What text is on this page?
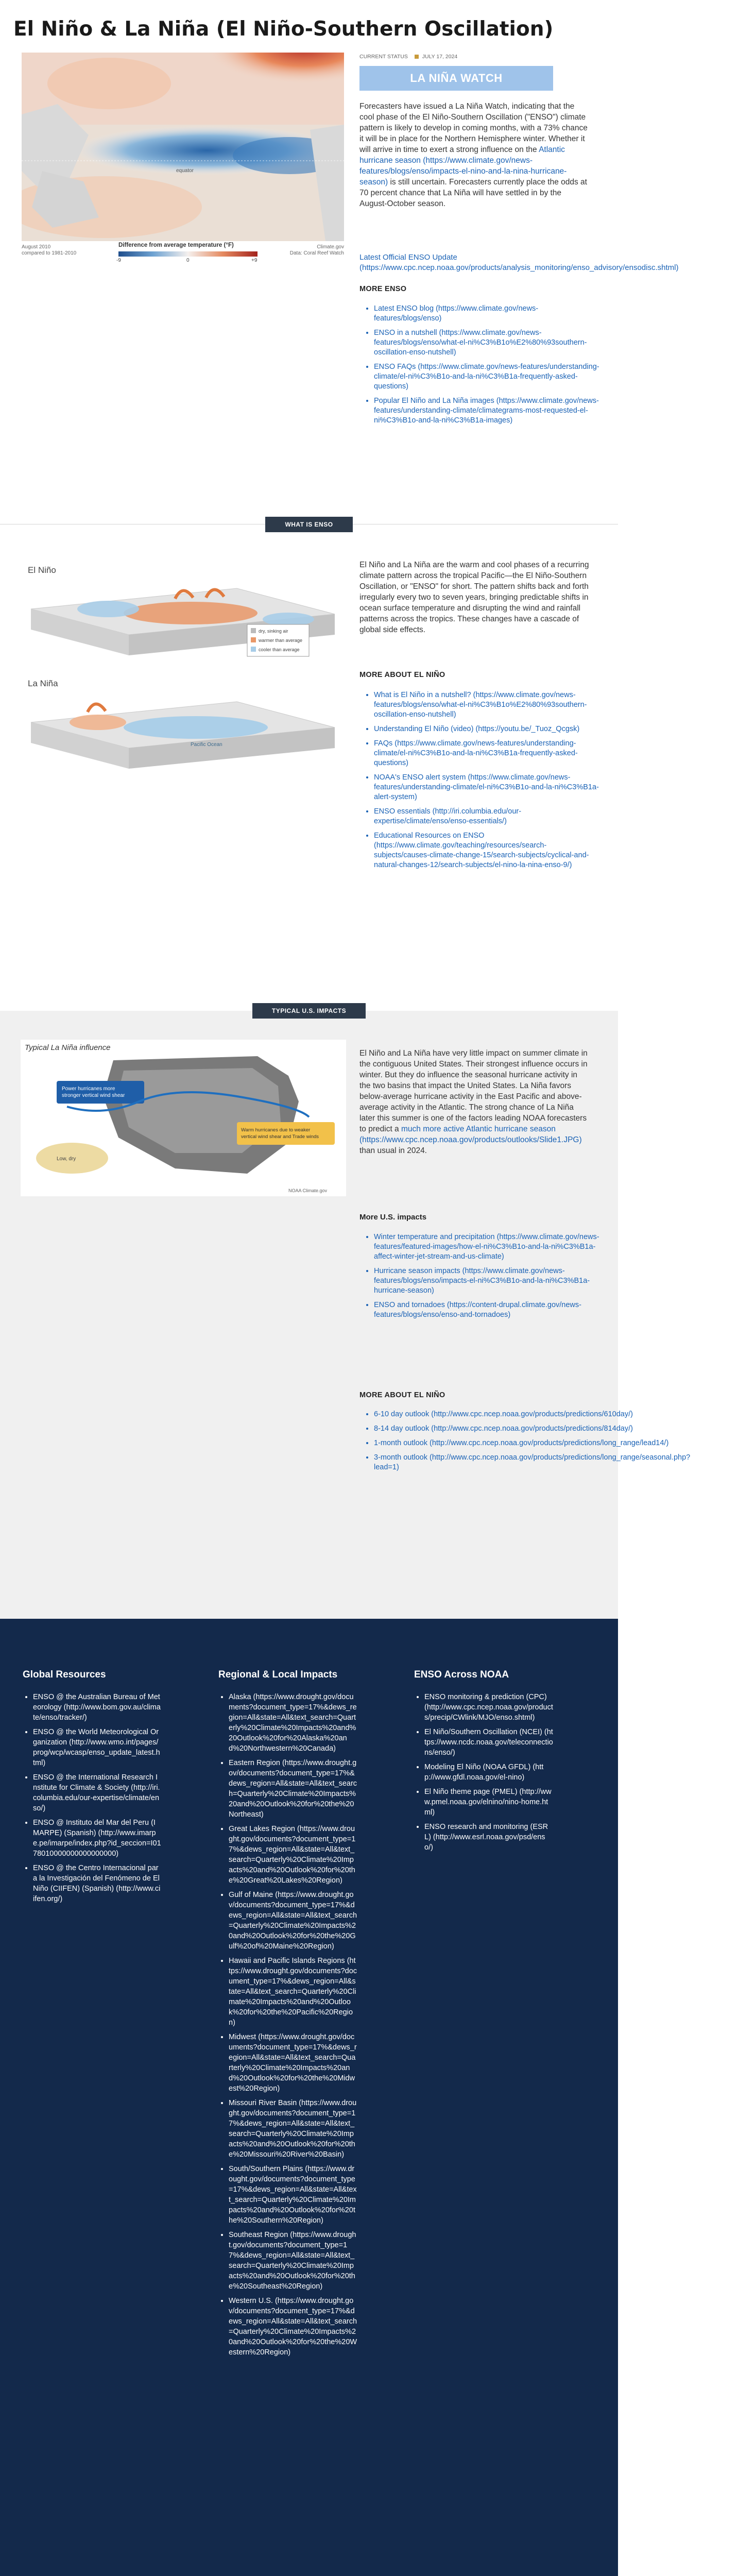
El Niño & La Niña (El Niño-Southern Oscillation)
equator
August 2010
compared to 1981-2010
Climate.gov
Data: Coral Reef Watch
Difference from average temperature (°F)
-9	0	+9
CURRENT STATUS	JULY 17, 2024
LA NIÑA WATCH
Forecasters have issued a La Niña Watch, indicating that the cool phase of the El Niño-Southern Oscillation ("ENSO") climate pattern is likely to develop in coming months, with a 73% chance it will be in place for the Northern Hemisphere winter. Whether it will arrive in time to exert a strong influence on the Atlantic hurricane season (https://www.climate.gov/news-features/blogs/enso/impacts-el-nino-and-la-nina-hurricane-season) is still uncertain. Forecasters currently place the odds at 70 percent chance that La Niña will have settled in by the August-October season.
Latest Official ENSO Update (https://www.cpc.ncep.noaa.gov/products/analysis_monitoring/enso_advisory/ensodisc.shtml)
MORE ENSO
• Latest ENSO blog (https://www.climate.gov/news-features/blogs/enso)
• ENSO in a nutshell (https://www.climate.gov/news-features/blogs/enso/what-el-ni%C3%B1o%E2%80%93southern-oscillation-enso-nutshell)
• ENSO FAQs (https://www.climate.gov/news-features/understanding-climate/el-ni%C3%B1o-and-la-ni%C3%B1a-frequently-asked-questions)
• Popular El Niño and La Niña images (https://www.climate.gov/news-features/understanding-climate/climategrams-most-requested-el-ni%C3%B1o-and-la-ni%C3%B1a-images)
WHAT IS ENSO
El Niño
dry, sinking air
warmer than average
cooler than average
La Niña
Pacific Ocean
El Niño and La Niña are the warm and cool phases of a recurring climate pattern across the tropical Pacific—the El Niño-Southern Oscillation, or "ENSO" for short. The pattern shifts back and forth irregularly every two to seven years, bringing predictable shifts in ocean surface temperature and disrupting the wind and rainfall patterns across the tropics. These changes have a cascade of global side effects.
MORE ABOUT EL NIÑO
• What is El Niño in a nutshell? (https://www.climate.gov/news-features/blogs/enso/what-el-ni%C3%B1o%E2%80%93southern-oscillation-enso-nutshell)
• Understanding El Niño (video) (https://youtu.be/_Tuoz_Qcgsk)
• FAQs (https://www.climate.gov/news-features/understanding-climate/el-ni%C3%B1o-and-la-ni%C3%B1a-frequently-asked-questions)
• NOAA's ENSO alert system (https://www.climate.gov/news-features/understanding-climate/el-ni%C3%B1o-and-la-ni%C3%B1a-alert-system)
• ENSO essentials (http://iri.columbia.edu/our-expertise/climate/enso/enso-essentials/)
• Educational Resources on ENSO (https://www.climate.gov/teaching/resources/search-subjects/causes-climate-change-15/search-subjects/cyclical-and-natural-changes-12/search-subjects/el-nino-la-nina-enso-9/)
TYPICAL U.S. IMPACTS
Typical La Niña influence
Power hurricanes more stronger vertical wind shear
Warm hurricanes due to weaker vertical wind shear and Trade winds
Low, dry
NOAA Climate.gov
El Niño and La Niña have very little impact on summer climate in the contiguous United States. Their strongest influence occurs in winter. But they do influence the seasonal hurricane activity in the two basins that impact the United States. La Niña favors below-average hurricane activity in the East Pacific and above-average activity in the Atlantic. The strong chance of La Niña later this summer is one of the factors leading NOAA forecasters to predict a much more active Atlantic hurricane season (https://www.cpc.ncep.noaa.gov/products/outlooks/Slide1.JPG) than usual in 2024.
More U.S. impacts
• Winter temperature and precipitation (https://www.climate.gov/news-features/featured-images/how-el-ni%C3%B1o-and-la-ni%C3%B1a-affect-winter-jet-stream-and-us-climate)
• Hurricane season impacts (https://www.climate.gov/news-features/blogs/enso/impacts-el-ni%C3%B1o-and-la-ni%C3%B1a-hurricane-season)
• ENSO and tornadoes (https://content-drupal.climate.gov/news-features/blogs/enso/enso-and-tornadoes)
MORE ABOUT EL NIÑO
• 6-10 day outlook (http://www.cpc.ncep.noaa.gov/products/predictions/610day/)
• 8-14 day outlook (http://www.cpc.ncep.noaa.gov/products/predictions/814day/)
• 1-month outlook (http://www.cpc.ncep.noaa.gov/products/predictions/long_range/lead14/)
• 3-month outlook (http://www.cpc.ncep.noaa.gov/products/predictions/long_range/seasonal.php?lead=1)
Global Resources
• ENSO @ the Australian Bureau of Meteorology (http://www.bom.gov.au/climate/enso/tracker/)
• ENSO @ the World Meteorological Organization (http://www.wmo.int/pages/prog/wcp/wcasp/enso_update_latest.html)
• ENSO @ the International Research Institute for Climate & Society (http://iri.columbia.edu/our-expertise/climate/enso/)
• ENSO @ Instituto del Mar del Peru (IMARPE) (Spanish) (http://www.imarpe.pe/imarpe/index.php?id_seccion=I0178010000000000000000)
• ENSO @ the Centro Internacional para la Investigación del Fenómeno de El Niño (CIIFEN) (Spanish) (http://www.ciifen.org/)
Regional & Local Impacts
• Alaska (https://www.drought.gov/documents?document_type=17%&dews_region=All&state=All&text_search=Quarterly%20Climate%20Impacts%20and%20Outlook%20for%20Alaska%20and%20Northwestern%20Canada)
• Eastern Region (https://www.drought.gov/documents?document_type=17%&dews_region=All&state=All&text_search=Quarterly%20Climate%20Impacts%20and%20Outlook%20for%20the%20Northeast)
• Great Lakes Region (https://www.drought.gov/documents?document_type=17%&dews_region=All&state=All&text_search=Quarterly%20Climate%20Impacts%20and%20Outlook%20for%20the%20Great%20Lakes%20Region)
• Gulf of Maine (https://www.drought.gov/documents?document_type=17%&dews_region=All&state=All&text_search=Quarterly%20Climate%20Impacts%20and%20Outlook%20for%20the%20Gulf%20of%20Maine%20Region)
• Hawaii and Pacific Islands Regions (https://www.drought.gov/documents?document_type=17%&dews_region=All&state=All&text_search=Quarterly%20Climate%20Impacts%20and%20Outlook%20for%20the%20Pacific%20Region)
• Midwest (https://www.drought.gov/documents?document_type=17%&dews_region=All&state=All&text_search=Quarterly%20Climate%20Impacts%20and%20Outlook%20for%20the%20Midwest%20Region)
• Missouri River Basin (https://www.drought.gov/documents?document_type=17%&dews_region=All&state=All&text_search=Quarterly%20Climate%20Impacts%20and%20Outlook%20for%20the%20Missouri%20River%20Basin)
• South/Southern Plains (https://www.drought.gov/documents?document_type=17%&dews_region=All&state=All&text_search=Quarterly%20Climate%20Impacts%20and%20Outlook%20for%20the%20Southern%20Region)
• Southeast Region (https://www.drought.gov/documents?document_type=17%&dews_region=All&state=All&text_search=Quarterly%20Climate%20Impacts%20and%20Outlook%20for%20the%20Southeast%20Region)
• Western U.S. (https://www.drought.gov/documents?document_type=17%&dews_region=All&state=All&text_search=Quarterly%20Climate%20Impacts%20and%20Outlook%20for%20the%20Western%20Region)
ENSO Across NOAA
• ENSO monitoring & prediction (CPC) (http://www.cpc.ncep.noaa.gov/products/precip/CWlink/MJO/enso.shtml)
• El Niño/Southern Oscillation (NCEI) (https://www.ncdc.noaa.gov/teleconnections/enso/)
• Modeling El Niño (NOAA GFDL) (http://www.gfdl.noaa.gov/el-nino)
• El Niño theme page (PMEL) (http://www.pmel.noaa.gov/elnino/nino-home.html)
• ENSO research and monitoring (ESRL) (http://www.esrl.noaa.gov/psd/enso/)
